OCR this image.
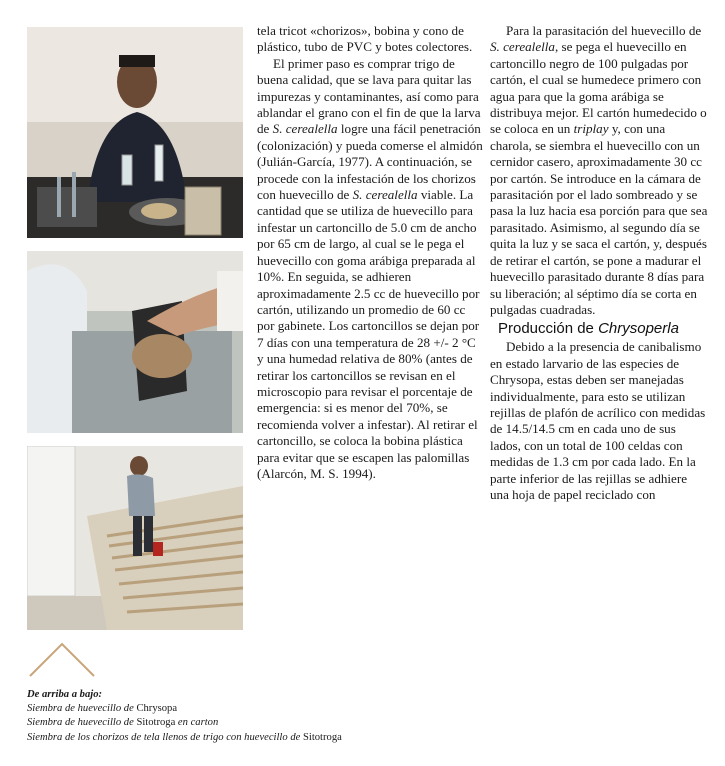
tela tricot «chorizos», bobina y cono de plástico, tubo de PVC y botes colectores.

El primer paso es comprar trigo de buena calidad, que se lava para quitar las impurezas y contaminantes, así como para ablandar el grano con el fin de que la larva de S. cerealella logre una fácil penetración (colonización) y pueda comerse el almidón (Julián-García, 1977). A continuación, se procede con la infestación de los chorizos con huevecillo de S. cerealella viable. La cantidad que se utiliza de huevecillo para infestar un cartoncillo de 5.0 cm de ancho por 65 cm de largo, al cual se le pega el huevecillo con goma arábiga preparada al 10%. En seguida, se adhieren aproximadamente 2.5 cc de huevecillo por cartón, utilizando un promedio de 60 cc por gabinete. Los cartoncillos se dejan por 7 días con una temperatura de 28 +/- 2 °C y una humedad relativa de 80% (antes de retirar los cartoncillos se revisan en el microscopio para revisar el porcentaje de emergencia: si es menor del 70%, se recomienda volver a infestar). Al retirar el cartoncillo, se coloca la bobina plástica para evitar que se escapen las palomillas (Alarcón, M. S. 1994).

Para la parasitación del huevecillo de S. cerealella, se pega el huevecillo en cartoncillo negro de 100 pulgadas por cartón, el cual se humedece primero con agua para que la goma arábiga se distribuya mejor. El cartón humedecido o se coloca en un triplay y, con una charola, se siembra el huevecillo con un cernidor casero, aproximadamente 30 cc por cartón. Se introduce en la cámara de parasitación por el lado sombreado y se pasa la luz hacia esa porción para que sea parasitado. Asimismo, al segundo día se quita la luz y se saca el cartón, y, después de retirar el cartón, se pone a madurar el huevecillo parasitado durante 8 días para su liberación; al séptimo día se corta en pulgadas cuadradas.

Producción de Chrysoperla

Debido a la presencia de canibalismo en estado larvario de las especies de Chrysopa, estas deben ser manejadas individualmente, para esto se utilizan rejillas de plafón de acrílico con medidas de 14.5/14.5 cm en cada uno de sus lados, con un total de 100 celdas con medidas de 1.3 cm por cada lado. En la parte inferior de las rejillas se adhiere una hoja de papel reciclado con

De arriba a bajo:
Siembra de huevecillo de Chrysopa
Siembra de huevecillo de Sitotroga en carton
Siembra de los chorizos de tela llenos de trigo con huevecillo de Sitotroga
